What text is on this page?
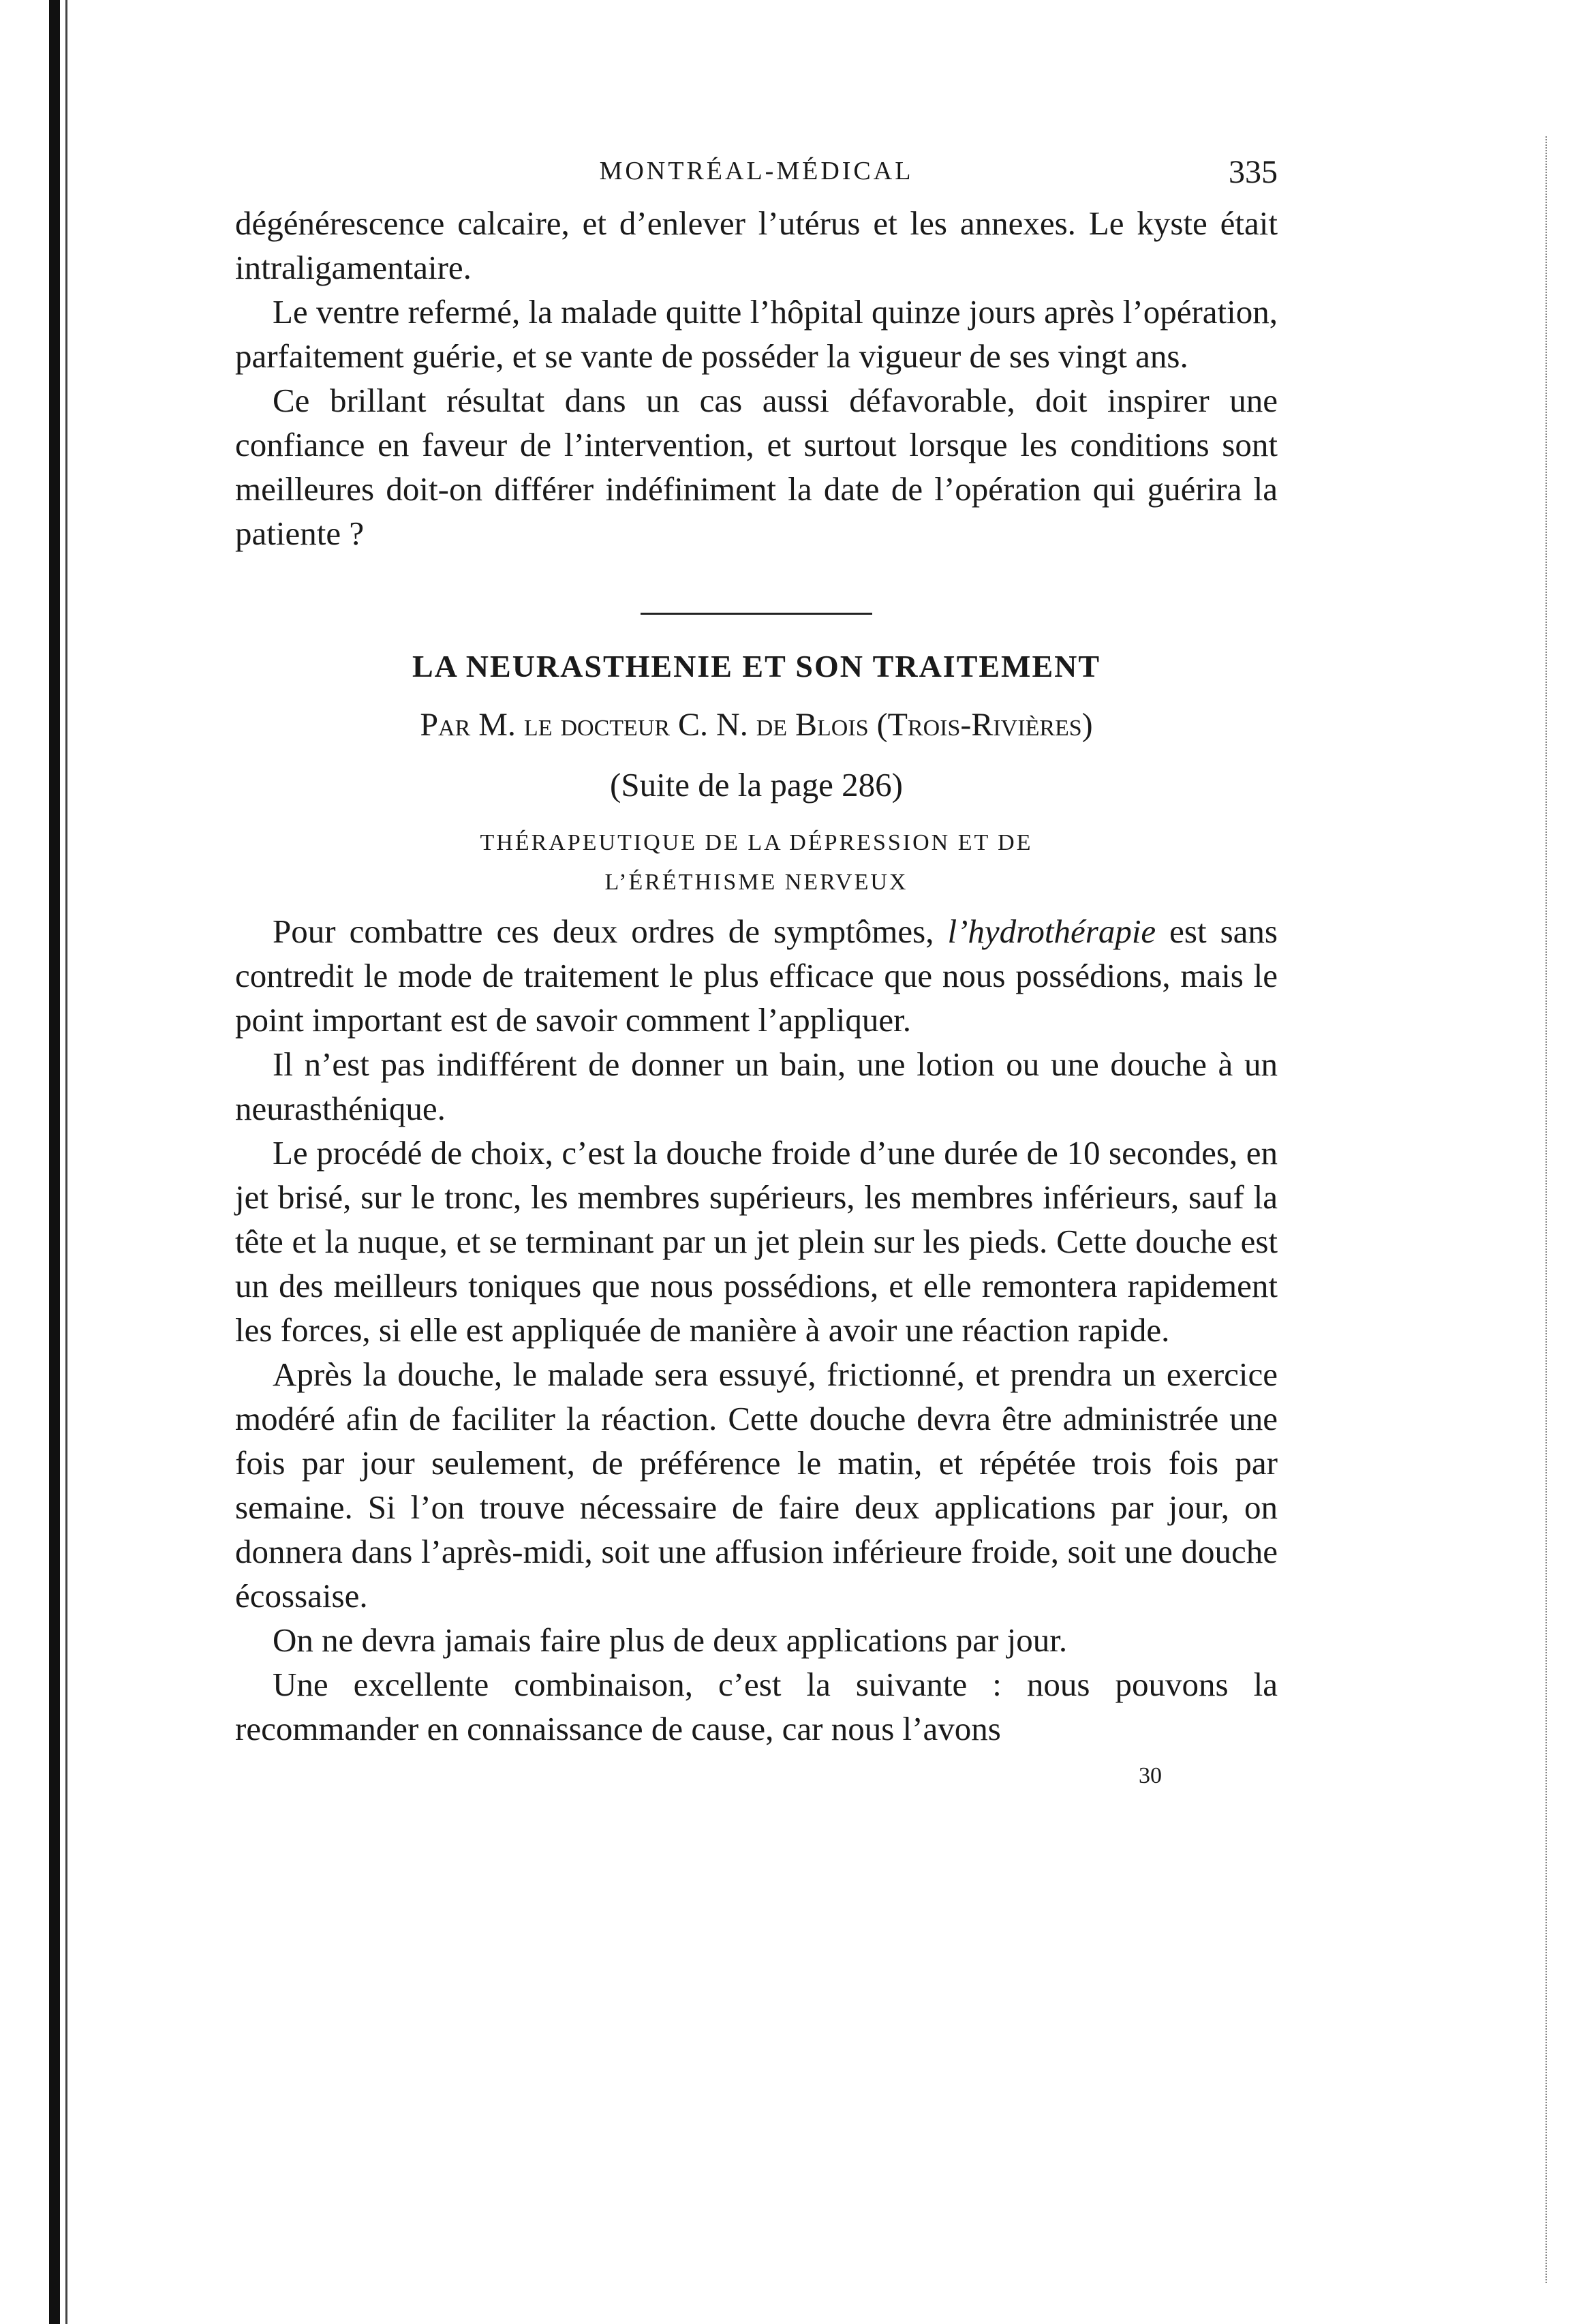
MONTRÉAL-MÉDICAL	335

dégénérescence calcaire, et d’enlever l’utérus et les annexes. Le kyste était intraligamentaire.

Le ventre refermé, la malade quitte l’hôpital quinze jours après l’opération, parfaitement guérie, et se vante de posséder la vigueur de ses vingt ans.

Ce brillant résultat dans un cas aussi défavorable, doit inspirer une confiance en faveur de l’intervention, et surtout lorsque les conditions sont meilleures doit-on différer indéfiniment la date de l’opération qui guérira la patiente ?

LA NEURASTHENIE ET SON TRAITEMENT
Par M. le docteur C. N. de Blois (Trois-Rivières)
(Suite de la page 286)
THÉRAPEUTIQUE DE LA DÉPRESSION ET DE
L’ÉRÉTHISME NERVEUX

Pour combattre ces deux ordres de symptômes, l’hydrothérapie est sans contredit le mode de traitement le plus efficace que nous possédions, mais le point important est de savoir comment l’appliquer.

Il n’est pas indifférent de donner un bain, une lotion ou une douche à un neurasthénique.

Le procédé de choix, c’est la douche froide d’une durée de 10 secondes, en jet brisé, sur le tronc, les membres supérieurs, les membres inférieurs, sauf la tête et la nuque, et se terminant par un jet plein sur les pieds. Cette douche est un des meilleurs toniques que nous possédions, et elle remontera rapidement les forces, si elle est appliquée de manière à avoir une réaction rapide.

Après la douche, le malade sera essuyé, frictionné, et prendra un exercice modéré afin de faciliter la réaction. Cette douche devra être administrée une fois par jour seulement, de préférence le matin, et répétée trois fois par semaine. Si l’on trouve nécessaire de faire deux applications par jour, on donnera dans l’après-midi, soit une affusion inférieure froide, soit une douche écossaise.

On ne devra jamais faire plus de deux applications par jour.

Une excellente combinaison, c’est la suivante : nous pouvons la recommander en connaissance de cause, car nous l’avons

30
